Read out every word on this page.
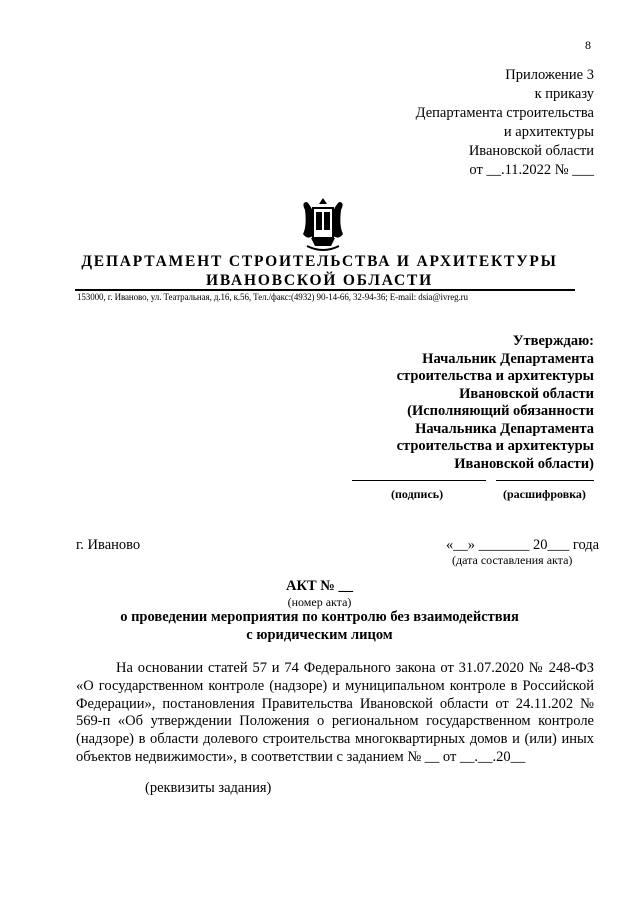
8
Приложение 3
к приказу
Департамента строительства
и архитектуры
Ивановской области
от __.11.2022 № ___
ДЕПАРТАМЕНТ СТРОИТЕЛЬСТВА И АРХИТЕКТУРЫ
ИВАНОВСКОЙ ОБЛАСТИ
153000, г. Иваново, ул. Театральная, д.16, к.56, Тел./факс:(4932) 90-14-66, 32-94-36; E-mail: dsia@ivreg.ru
Утверждаю:
Начальник Департамента
строительства и архитектуры
Ивановской области
(Исполняющий обязанности
Начальника Департамента
строительства и архитектуры
Ивановской области)
(подпись)	(расшифровка)
г. Иваново	«__» _______ 20___ года
(дата составления акта)
АКТ № __
(номер акта)
о проведении мероприятия по контролю без взаимодействия
с юридическим лицом
На основании статей 57 и 74 Федерального закона от 31.07.2020 № 248-ФЗ «О государственном контроле (надзоре) и муниципальном контроле в Российской Федерации», постановления Правительства Ивановской области от 24.11.202 № 569-п «Об утверждении Положения о региональном государственном контроле (надзоре) в области долевого строительства многоквартирных домов и (или) иных объектов недвижимости», в соответствии с заданием № __ от __.__.20__
(реквизиты задания)
